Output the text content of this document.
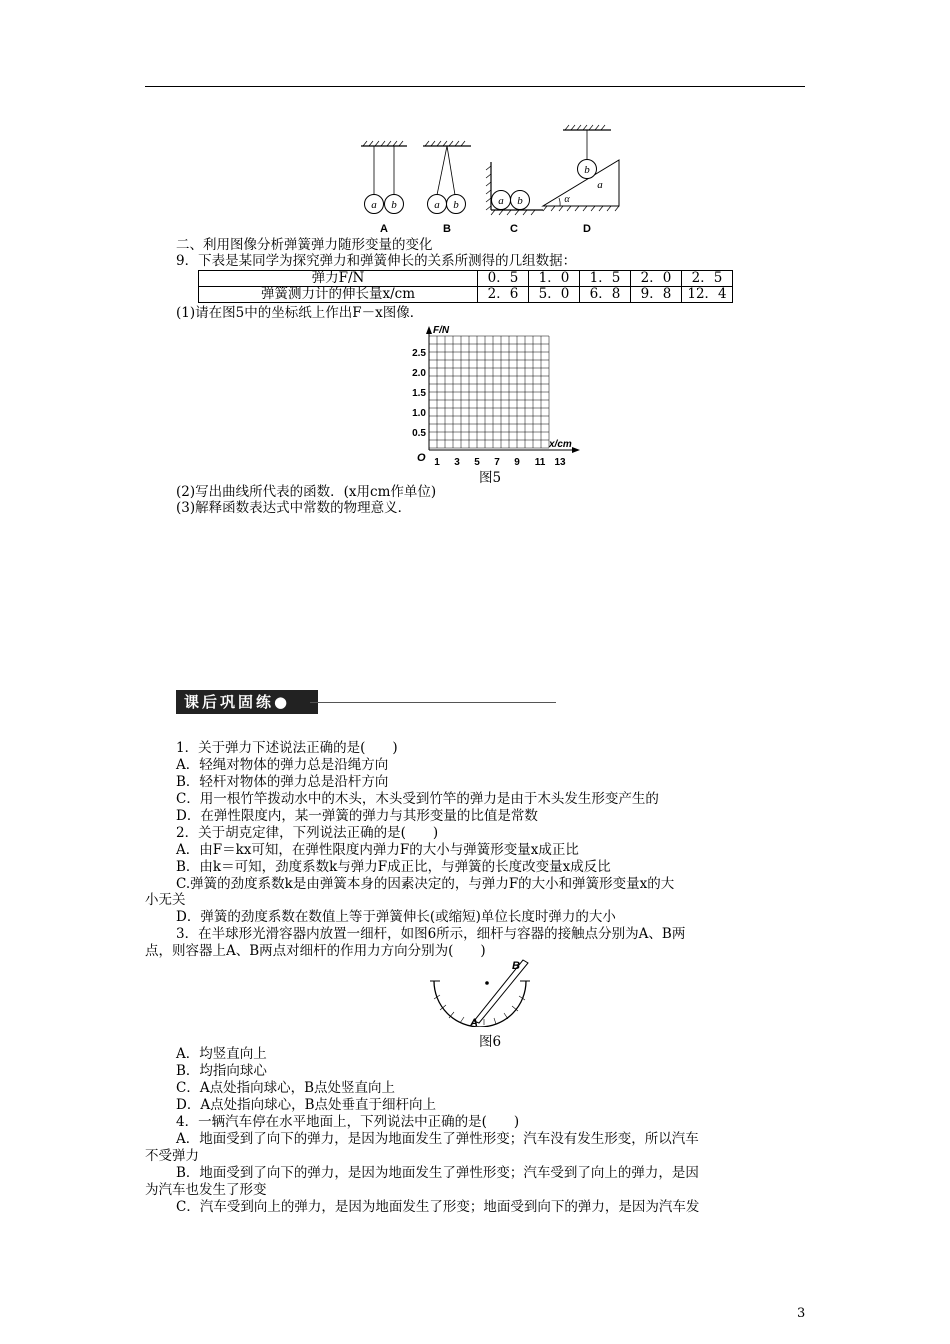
a b
A
a b
B
a b
C
b
a
α
D
二、利用图像分析弹簧弹力随形变量的变化
9．下表是某同学为探究弹力和弹簧伸长的关系所测得的几组数据：
弹力F/N	0．5	1．0	1．5	2．0	2．5
弹簧测力计的伸长量x/cm	2．6	5．0	6．8	9．8	12．4
(1)请在图5中的坐标纸上作出F－x图像．
F/N
x/cm
O
2.5
2.0
1.5
1.0
0.5
1 3 5 7 9 11 13
图5
(2)写出曲线所代表的函数．(x用cm作单位)
(3)解释函数表达式中常数的物理意义．
课后巩固练●
1．关于弹力下述说法正确的是(　　)
A．轻绳对物体的弹力总是沿绳方向
B．轻杆对物体的弹力总是沿杆方向
C．用一根竹竿拨动水中的木头，木头受到竹竿的弹力是由于木头发生形变产生的
D．在弹性限度内，某一弹簧的弹力与其形变量的比值是常数
2．关于胡克定律，下列说法正确的是(　　)
A．由F＝kx可知，在弹性限度内弹力F的大小与弹簧形变量x成正比
B．由k＝可知，劲度系数k与弹力F成正比，与弹簧的长度改变量x成反比
C.弹簧的劲度系数k是由弹簧本身的因素决定的，与弹力F的大小和弹簧形变量x的大
小无关
D．弹簧的劲度系数在数值上等于弹簧伸长(或缩短)单位长度时弹力的大小
3．在半球形光滑容器内放置一细杆，如图6所示，细杆与容器的接触点分别为A、B两
点，则容器上A、B两点对细杆的作用力方向分别为(　　)
B
A
图6
A．均竖直向上
B．均指向球心
C．A点处指向球心，B点处竖直向上
D．A点处指向球心，B点处垂直于细杆向上
4．一辆汽车停在水平地面上，下列说法中正确的是(　　)
A．地面受到了向下的弹力，是因为地面发生了弹性形变；汽车没有发生形变，所以汽车
不受弹力
B．地面受到了向下的弹力，是因为地面发生了弹性形变；汽车受到了向上的弹力，是因
为汽车也发生了形变
C．汽车受到向上的弹力，是因为地面发生了形变；地面受到向下的弹力，是因为汽车发
3
